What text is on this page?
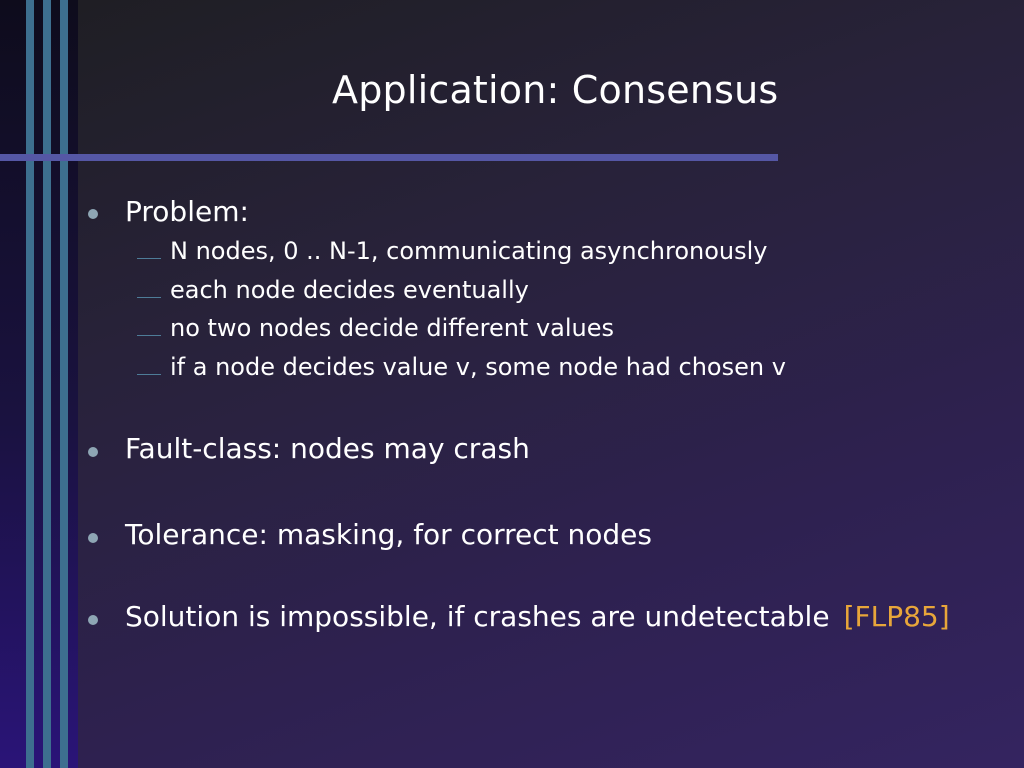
Application: Consensus
Problem:
N nodes, 0 .. N-1, communicating asynchronously
each node decides eventually
no two nodes decide different values
if a node decides value v, some node had chosen v
Fault-class: nodes may crash
Tolerance: masking, for correct nodes
Solution is impossible, if crashes are undetectable [FLP85]
